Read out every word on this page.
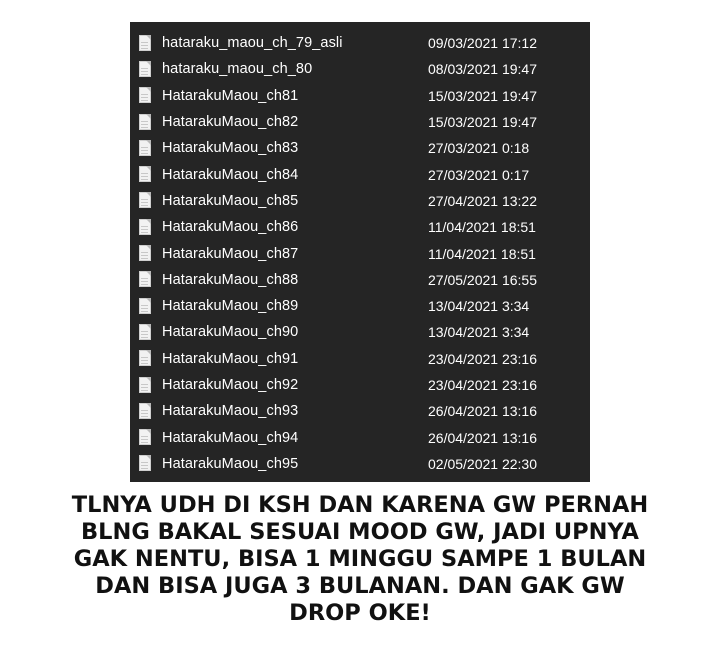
hataraku_maou_ch_79_asli	09/03/2021 17:12
hataraku_maou_ch_80	08/03/2021 19:47
HatarakuMaou_ch81	15/03/2021 19:47
HatarakuMaou_ch82	15/03/2021 19:47
HatarakuMaou_ch83	27/03/2021 0:18
HatarakuMaou_ch84	27/03/2021 0:17
HatarakuMaou_ch85	27/04/2021 13:22
HatarakuMaou_ch86	11/04/2021 18:51
HatarakuMaou_ch87	11/04/2021 18:51
HatarakuMaou_ch88	27/05/2021 16:55
HatarakuMaou_ch89	13/04/2021 3:34
HatarakuMaou_ch90	13/04/2021 3:34
HatarakuMaou_ch91	23/04/2021 23:16
HatarakuMaou_ch92	23/04/2021 23:16
HatarakuMaou_ch93	26/04/2021 13:16
HatarakuMaou_ch94	26/04/2021 13:16
HatarakuMaou_ch95	02/05/2021 22:30
TLNYA UDH DI KSH DAN KARENA GW PERNAH
BLNG BAKAL SESUAI MOOD GW, JADI UPNYA
GAK NENTU, BISA 1 MINGGU SAMPE 1 BULAN
DAN BISA JUGA 3 BULANAN. DAN GAK GW
DROP OKE!
